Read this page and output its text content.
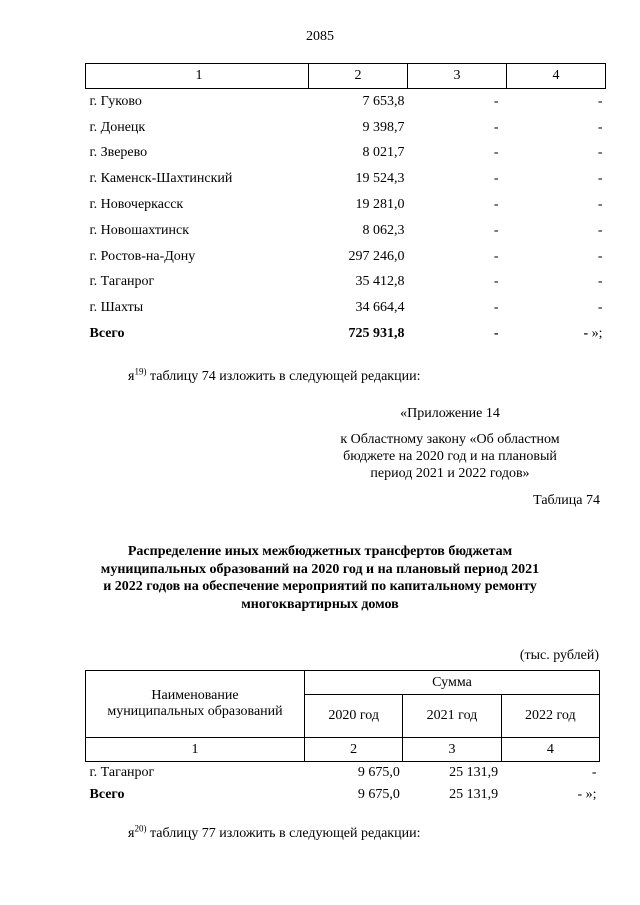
2085
1	2	3	4
г. Гуково	7 653,8	-	-
г. Донецк	9 398,7	-	-
г. Зверево	8 021,7	-	-
г. Каменск-Шахтинский	19 524,3	-	-
г. Новочеркасск	19 281,0	-	-
г. Новошахтинск	8 062,3	-	-
г. Ростов-на-Дону	297 246,0	-	-
г. Таганрог	35 412,8	-	-
г. Шахты	34 664,4	-	-
Всего	725 931,8	-	- »;
$я^{19)}$ таблицу 74 изложить в следующей редакции:
«Приложение 14
к Областному закону «Об областном
бюджете на 2020 год и на плановый
период 2021 и 2022 годов»
Таблица 74
Распределение иных межбюджетных трансфертов бюджетам
муниципальных образований на 2020 год и на плановый период 2021
и 2022 годов на обеспечение мероприятий по капитальному ремонту
многоквартирных домов
(тыс. рублей)
Наименование
муниципальных образований	Сумма		
	2020 год	2021 год	2022 год
1	2	3	4
г. Таганрог	9 675,0	25 131,9	-
Всего	9 675,0	25 131,9	- »;
$я^{20)}$ таблицу 77 изложить в следующей редакции:
